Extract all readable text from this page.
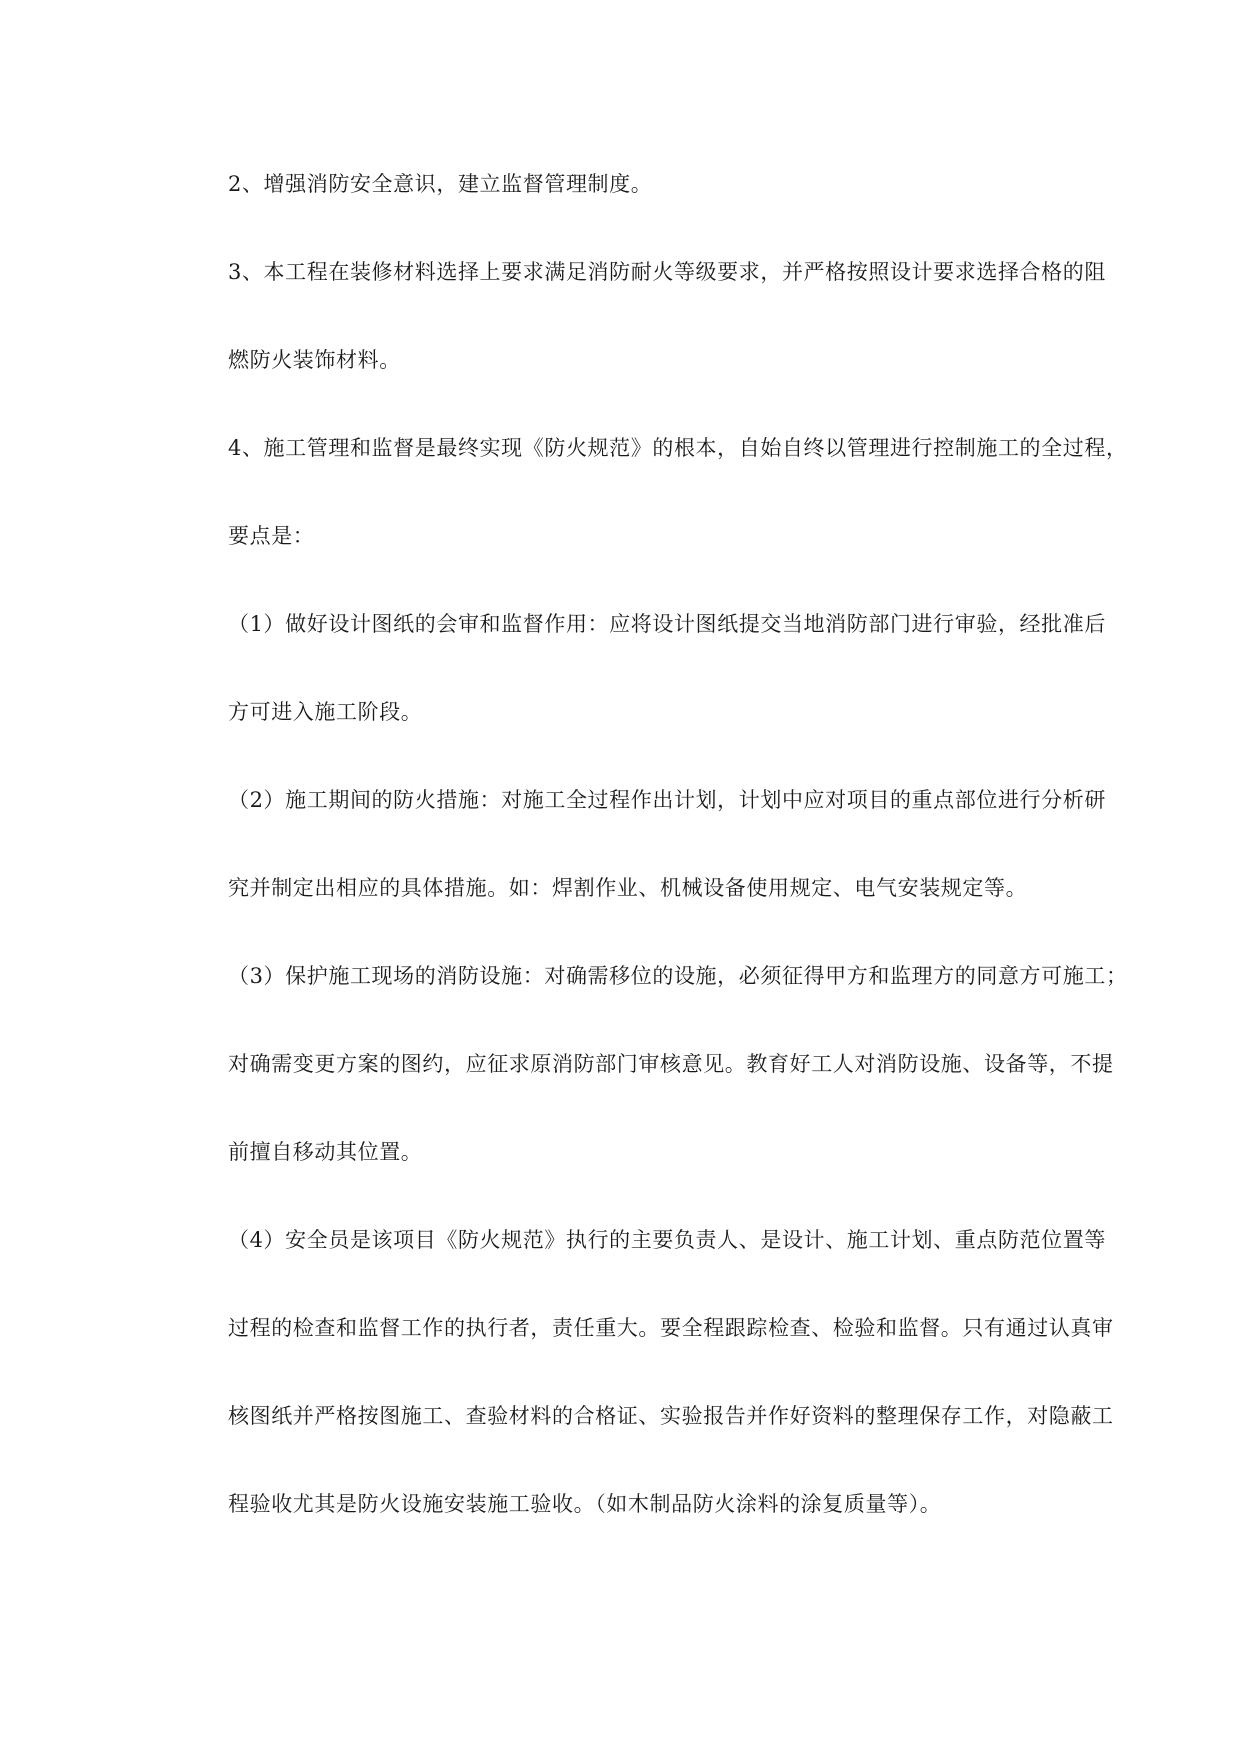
2、增强消防安全意识，建立监督管理制度。
3、本工程在装修材料选择上要求满足消防耐火等级要求，并严格按照设计要求选择合格的阻
燃防火装饰材料。
4、施工管理和监督是最终实现《防火规范》的根本，自始自终以管理进行控制施工的全过程，
要点是：
（1）做好设计图纸的会审和监督作用：应将设计图纸提交当地消防部门进行审验，经批准后
方可进入施工阶段。
（2）施工期间的防火措施：对施工全过程作出计划，计划中应对项目的重点部位进行分析研
究并制定出相应的具体措施。如：焊割作业、机械设备使用规定、电气安装规定等。
（3）保护施工现场的消防设施：对确需移位的设施，必须征得甲方和监理方的同意方可施工；
对确需变更方案的图约，应征求原消防部门审核意见。教育好工人对消防设施、设备等，不提
前擅自移动其位置。
（4）安全员是该项目《防火规范》执行的主要负责人、是设计、施工计划、重点防范位置等
过程的检查和监督工作的执行者，责任重大。要全程跟踪检查、检验和监督。只有通过认真审
核图纸并严格按图施工、查验材料的合格证、实验报告并作好资料的整理保存工作，对隐蔽工
程验收尤其是防火设施安装施工验收。（如木制品防火涂料的涂复质量等）。
